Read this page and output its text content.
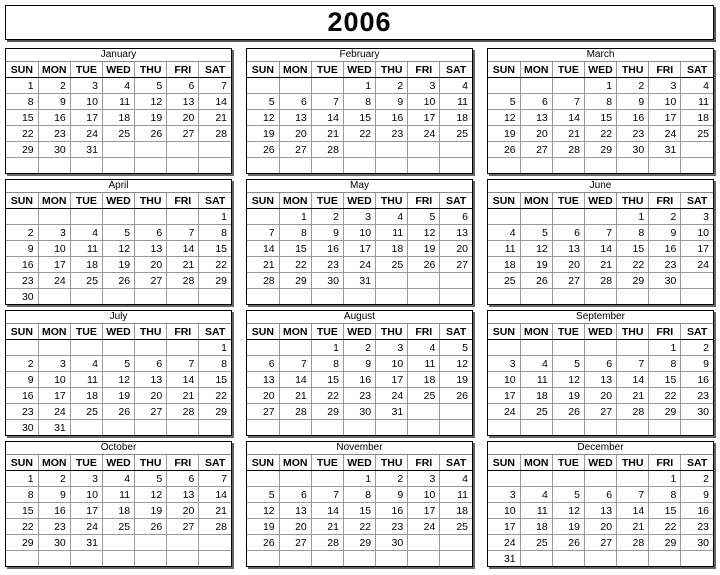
2006
January
SUN	MON	TUE	WED	THU	FRI	SAT
1	2	3	4	5	6	7
8	9	10	11	12	13	14
15	16	17	18	19	20	21
22	23	24	25	26	27	28
29	30	31				

February
SUN	MON	TUE	WED	THU	FRI	SAT
			1	2	3	4
5	6	7	8	9	10	11
12	13	14	15	16	17	18
19	20	21	22	23	24	25
26	27	28				

March
SUN	MON	TUE	WED	THU	FRI	SAT
			1	2	3	4
5	6	7	8	9	10	11
12	13	14	15	16	17	18
19	20	21	22	23	24	25
26	27	28	29	30	31	

April
SUN	MON	TUE	WED	THU	FRI	SAT
						1
2	3	4	5	6	7	8
9	10	11	12	13	14	15
16	17	18	19	20	21	22
23	24	25	26	27	28	29
30						
May
SUN	MON	TUE	WED	THU	FRI	SAT
	1	2	3	4	5	6
7	8	9	10	11	12	13
14	15	16	17	18	19	20
21	22	23	24	25	26	27
28	29	30	31			

June
SUN	MON	TUE	WED	THU	FRI	SAT
				1	2	3
4	5	6	7	8	9	10
11	12	13	14	15	16	17
18	19	20	21	22	23	24
25	26	27	28	29	30	

July
SUN	MON	TUE	WED	THU	FRI	SAT
						1
2	3	4	5	6	7	8
9	10	11	12	13	14	15
16	17	18	19	20	21	22
23	24	25	26	27	28	29
30	31					
August
SUN	MON	TUE	WED	THU	FRI	SAT
		1	2	3	4	5
6	7	8	9	10	11	12
13	14	15	16	17	18	19
20	21	22	23	24	25	26
27	28	29	30	31		

September
SUN	MON	TUE	WED	THU	FRI	SAT
					1	2
3	4	5	6	7	8	9
10	11	12	13	14	15	16
17	18	19	20	21	22	23
24	25	26	27	28	29	30

October
SUN	MON	TUE	WED	THU	FRI	SAT
1	2	3	4	5	6	7
8	9	10	11	12	13	14
15	16	17	18	19	20	21
22	23	24	25	26	27	28
29	30	31				

November
SUN	MON	TUE	WED	THU	FRI	SAT
			1	2	3	4
5	6	7	8	9	10	11
12	13	14	15	16	17	18
19	20	21	22	23	24	25
26	27	28	29	30		

December
SUN	MON	TUE	WED	THU	FRI	SAT
					1	2
3	4	5	6	7	8	9
10	11	12	13	14	15	16
17	18	19	20	21	22	23
24	25	26	27	28	29	30
31						
